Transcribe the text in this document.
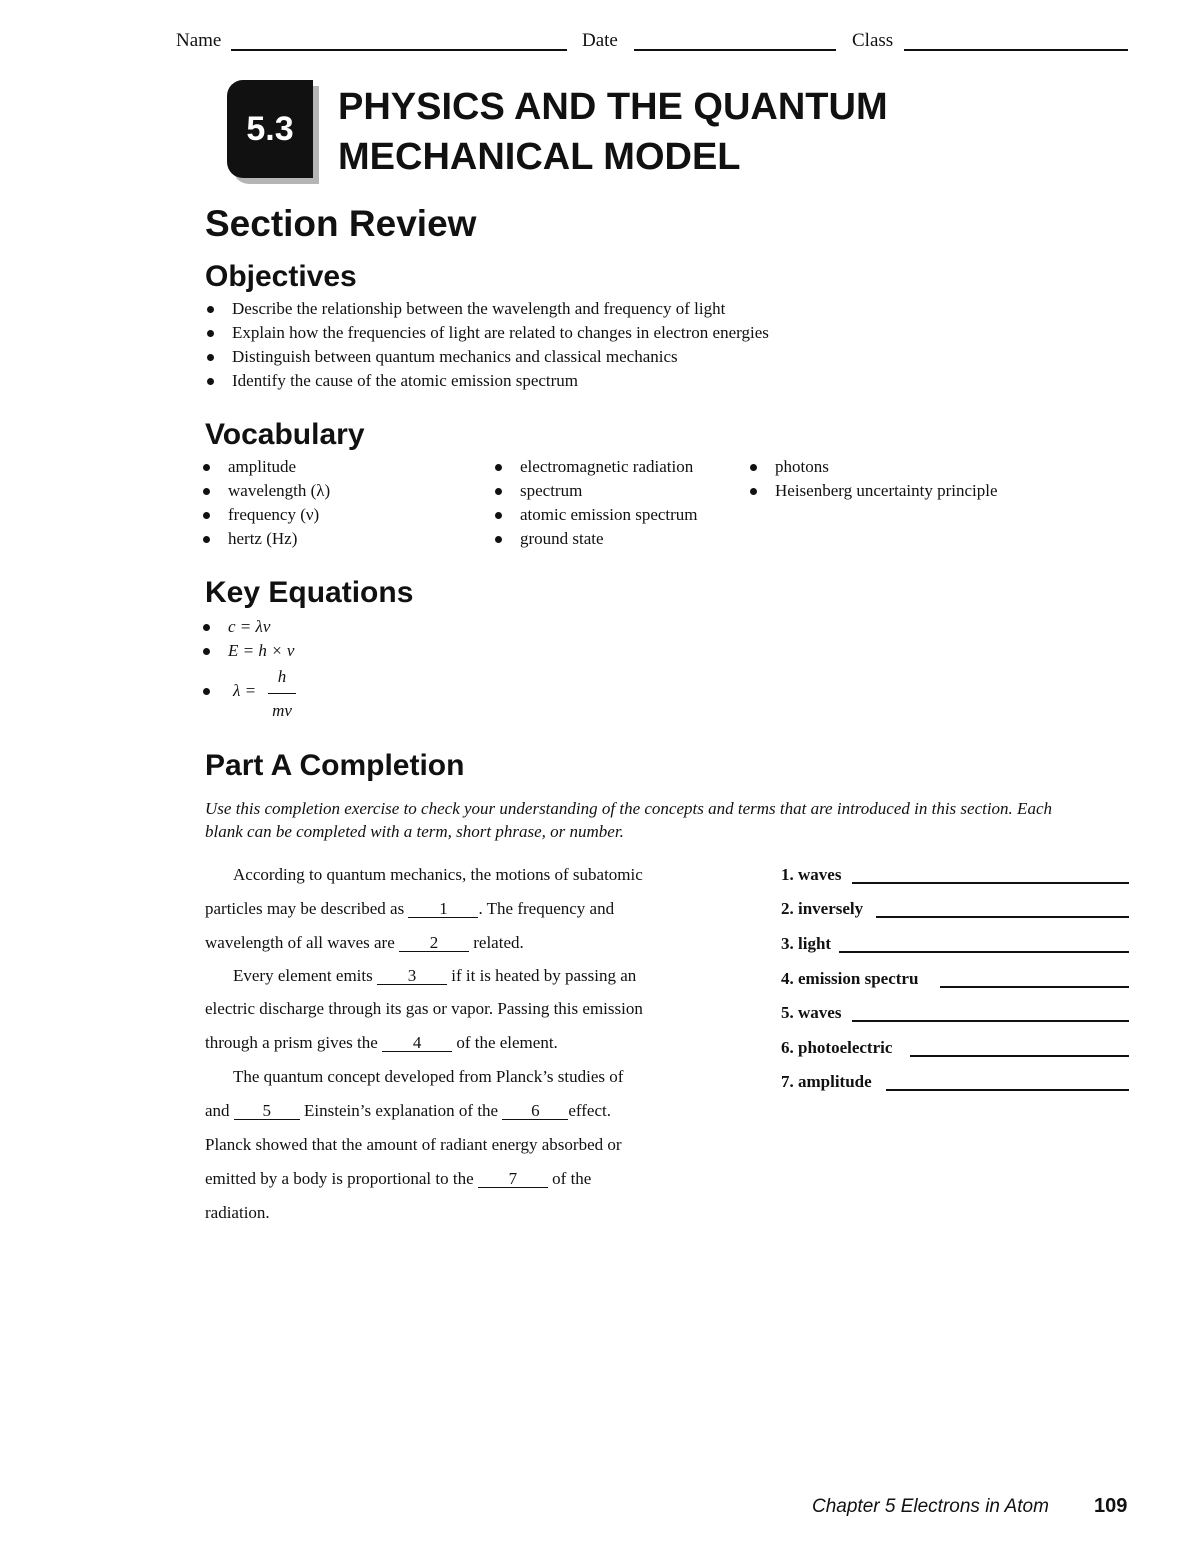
Name	Date	Class
5.3
PHYSICS AND THE QUANTUM
MECHANICAL MODEL
Section Review
Objectives
Describe the relationship between the wavelength and frequency of light
Explain how the frequencies of light are related to changes in electron energies
Distinguish between quantum mechanics and classical mechanics
Identify the cause of the atomic emission spectrum
Vocabulary
amplitude
wavelength (λ)
frequency (ν)
hertz (Hz)
electromagnetic radiation
spectrum
atomic emission spectrum
ground state
photons
Heisenberg uncertainty principle
Key Equations
c = λν
E = h × ν
λ =
h
mv
Part A Completion
Use this completion exercise to check your understanding of the concepts and terms that are introduced in this section. Each blank can be completed with a term, short phrase, or number.
According to quantum mechanics, the motions of subatomic
particles may be described as 1 . The frequency and
wavelength of all waves are 2 related.
Every element emits 3 if it is heated by passing an
electric discharge through its gas or vapor. Passing this emission
through a prism gives the 4 of the element.
The quantum concept developed from Planck’s studies of
and 5 Einstein’s explanation of the 6 effect.
Planck showed that the amount of radiant energy absorbed or
emitted by a body is proportional to the 7 of the
radiation.
1. waves
2. inversely
3. light
4. emission spectru
5. waves
6. photoelectric
7. amplitude
Chapter 5 Electrons in Atom 109
